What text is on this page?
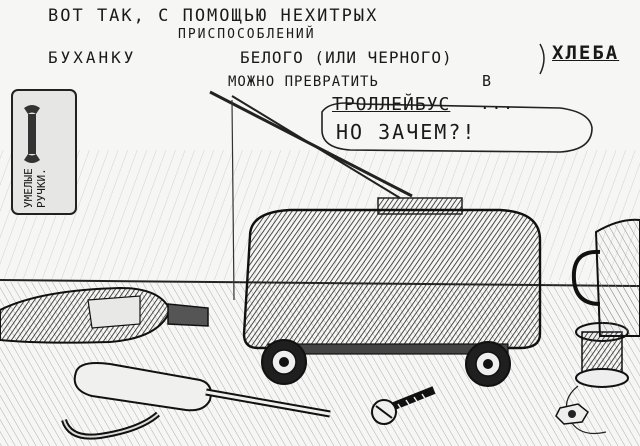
ВОТ ТАК, С ПОМОЩЬЮ НЕХИТРЫХ
ПРИСПОСОБЛЕНИЙ
БУХАНКУ	БЕЛОГО (ИЛИ ЧЕРНОГО)	ХЛЕБА
МОЖНО ПРЕВРАТИТЬ	В
ТРОЛЛЕЙБУС ...
НО ЗАЧЕМ?!
УМЕЛЫЕ РУЧКИ.
